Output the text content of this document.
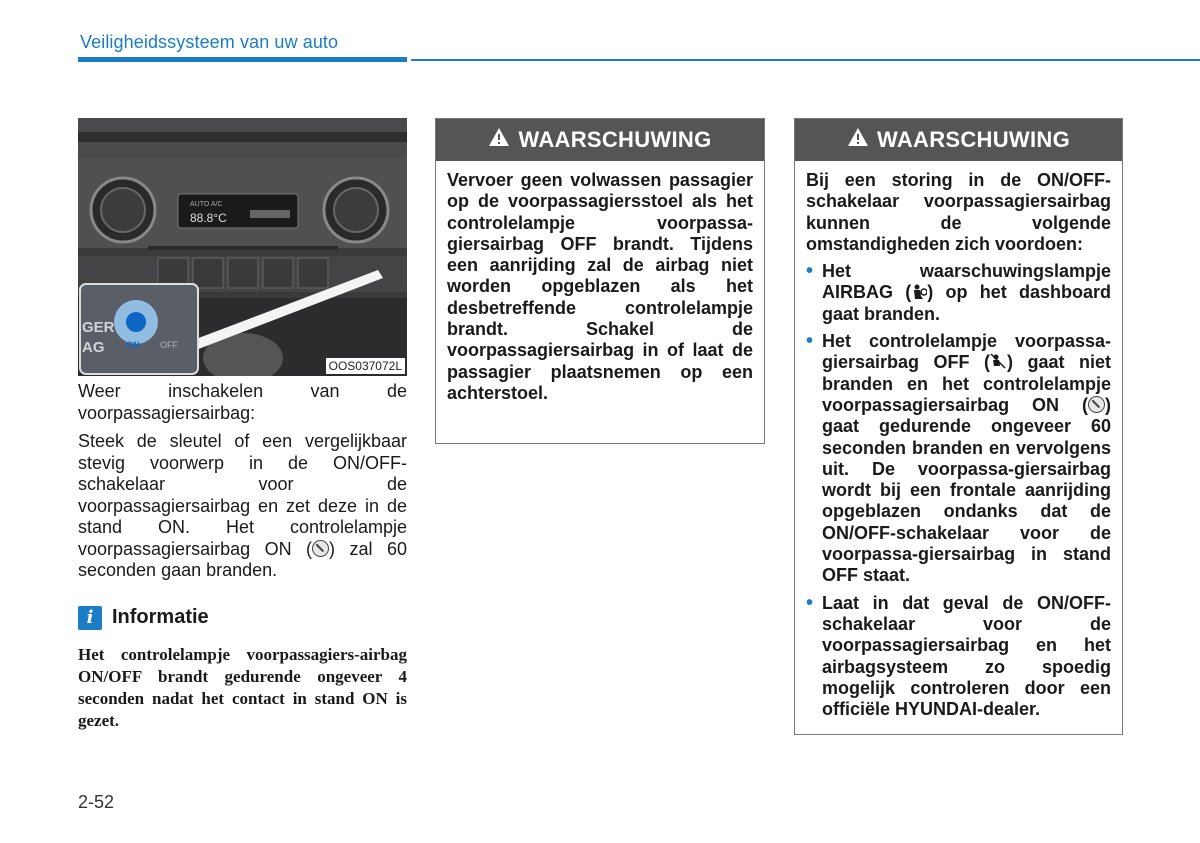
Veiligheidssysteem van uw auto
AUTO A/C
88.8°C
GER
AG ON OFF
OOS037072L
Weer inschakelen van de voorpassagiersairbag:
Steek de sleutel of een vergelijkbaar stevig voorwerp in de ON/OFF-schakelaar voor de voorpassagiersairbag en zet deze in de stand ON. Het controlelampje voorpassagiersairbag ON ( ) zal 60 seconden gaan branden.
i Informatie
Het controlelampje voorpassagiers-airbag ON/OFF brandt gedurende ongeveer 4 seconden nadat het contact in stand ON is gezet.
WAARSCHUWING
Vervoer geen volwassen passagier op de voorpassagiersstoel als het controlelampje voorpassa-giersairbag OFF brandt. Tijdens een aanrijding zal de airbag niet worden opgeblazen als het desbetreffende controlelampje brandt. Schakel de voorpassagiersairbag in of laat de passagier plaatsnemen op een achterstoel.
WAARSCHUWING
Bij een storing in de ON/OFF-schakelaar voorpassagiersairbag kunnen de volgende omstandigheden zich voordoen:
• Het waarschuwingslampje AIRBAG ( ) op het dashboard gaat branden.
• Het controlelampje voorpassa-giersairbag OFF ( ) gaat niet branden en het controlelampje voorpassagiersairbag ON ( ) gaat gedurende ongeveer 60 seconden branden en vervolgens uit. De voorpassa-giersairbag wordt bij een frontale aanrijding opgeblazen ondanks dat de ON/OFF-schakelaar voor de voorpassa-giersairbag in stand OFF staat.
• Laat in dat geval de ON/OFF-schakelaar voor de voorpassagiersairbag en het airbagsysteem zo spoedig mogelijk controleren door een officiële HYUNDAI-dealer.
2-52
